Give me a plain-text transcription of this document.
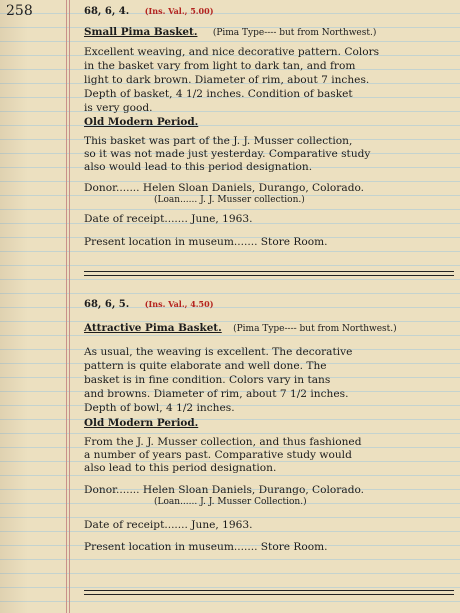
258	68, 6, 4. (Ins. Val., 5.00)
Small Pima Basket. (Pima Type---- but from Northwest.)
Excellent weaving, and nice decorative pattern. Colors
in the basket vary from light to dark tan, and from
light to dark brown. Diameter of rim, about 7 inches.
Depth of basket, 4 1/2 inches. Condition of basket
is very good.
Old Modern Period.
This basket was part of the J. J. Musser collection,
so it was not made just yesterday. Comparative study
also would lead to this period designation.
Donor....... Helen Sloan Daniels, Durango, Colorado.
(Loan...... J. J. Musser collection.)
Date of receipt....... June, 1963.
Present location in museum....... Store Room.
68, 6, 5. (Ins. Val., 4.50)
Attractive Pima Basket. (Pima Type---- but from Northwest.)
As usual, the weaving is excellent. The decorative
pattern is quite elaborate and well done. The
basket is in fine condition. Colors vary in tans
and browns. Diameter of rim, about 7 1/2 inches.
Depth of bowl, 4 1/2 inches.
Old Modern Period.
From the J. J. Musser collection, and thus fashioned
a number of years past. Comparative study would
also lead to this period designation.
Donor....... Helen Sloan Daniels, Durango, Colorado.
(Loan...... J. J. Musser Collection.)
Date of receipt....... June, 1963.
Present location in museum....... Store Room.
